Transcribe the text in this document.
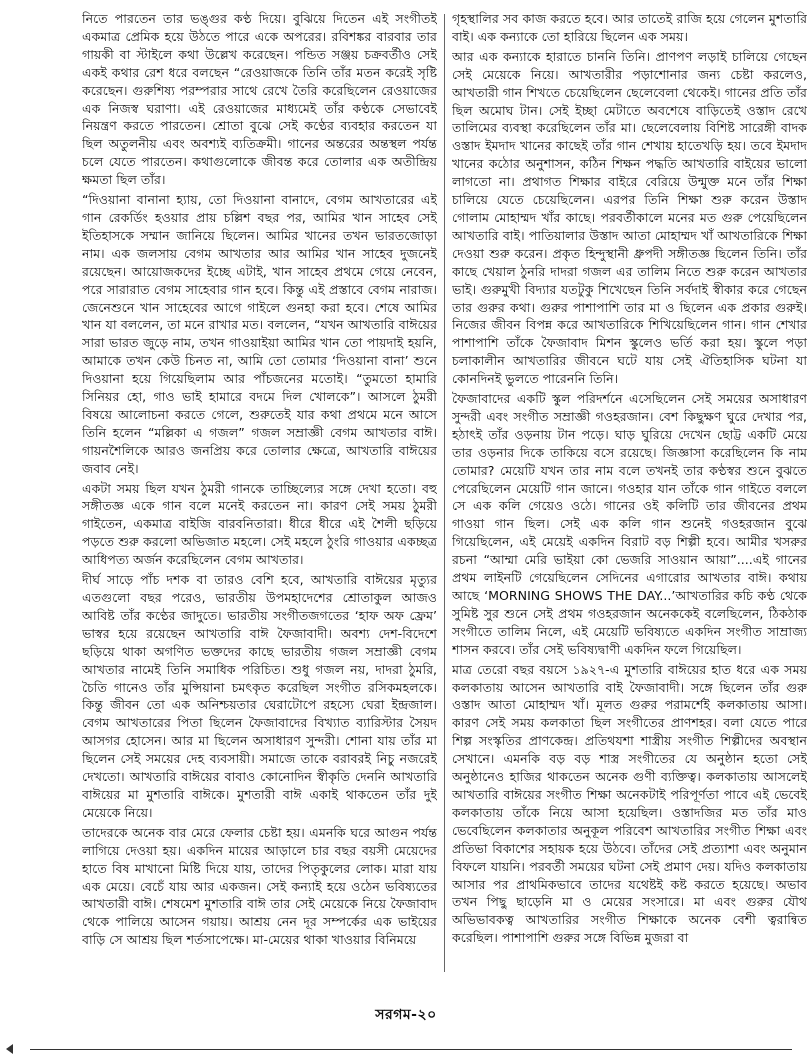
নিতে পারতেন তার ভঙ্গুর কণ্ঠ দিয়ে। বুঝিয়ে দিতেন এই সংগীতই একমাত্র প্রেমিক হয়ে উঠতে পারে একে অপরের। রবিশঙ্কর বারবার তার গায়কী বা স্টাইলে কথা উল্লেখ করেছেন। পন্ডিত সঞ্জয় চক্রবর্তীও সেই একই কথার রেশ ধরে বলছেন “রেওয়াজকে তিনি তাঁর মতন করেই সৃষ্টি করেছেন। গুরুশিষ্য পরম্পরার সাথে রেখে তৈরি করেছিলেন রেওয়াজের এক নিজস্ব ঘরাণা। এই রেওয়াজের মাধ্যমেই তাঁর কণ্ঠকে সেভাবেই নিয়ন্ত্রণ করতে পারতেন। শ্রোতা বুঝে সেই কণ্ঠের ব্যবহার করতেন যা ছিল অতুলনীয় এবং অবশ্যই ব্যতিক্রমী। গানের অন্তরের অন্তস্থল পর্যন্ত চলে যেতে পারতেন। কথাগুলোকে জীবন্ত করে তোলার এক অতীন্দ্রিয় ক্ষমতা ছিল তাঁর।

“দিওয়ানা বানানা হ্যায়, তো দিওয়ানা বানাদে, বেগম আখতারের এই গান রেকর্ডিং হওয়ার প্রায় চল্লিশ বছর পর, আমির খান সাহেব সেই ইতিহাসকে সম্মান জানিয়ে ছিলেন। আমির খানের তখন ভারতজোড়া নাম। এক জলসায় বেগম আখতার আর আমির খান সাহেব দুজনেই রয়েছেন। আয়োজকদের ইচ্ছে এটাই, খান সাহেব প্রথমে গেয়ে নেবেন, পরে সারারাত বেগম সাহেবার গান হবে। কিন্তু এই প্রস্তাবে বেগম নারাজ। জেনেশুনে খান সাহেবের আগে গাইলে গুনহা করা হবে। শেষে আমির খান যা বললেন, তা মনে রাখার মত। বললেন, “যখন আখতারি বাঈয়ের সারা ভারত জুড়ে নাম, তখন গাওয়াইয়া আমির খান তো পায়দাই হয়নি, আমাকে তখন কেউ চিনত না, আমি তো তোমার ‘দিওয়ানা বানা’ শুনে দিওয়ানা হয়ে গিয়েছিলাম আর পাঁচজনের মতোই। “তুমতো হামারি সিনিয়র হো, গাও ভাই হামারে বদমে দিল খোলকে”। আসলে ঠুমরী বিষয়ে আলোচনা করতে গেলে, শুরুতেই যার কথা প্রথমে মনে আসে তিনি হলেন “মল্লিকা এ গজল” গজল সম্রাজ্ঞী বেগম আখতার বাঈ। গায়নশৈলিকে আরও জনপ্রিয় করে তোলার ক্ষেত্রে, আখতারি বাঈয়ের জবাব নেই।

একটা সময় ছিল যখন ঠুমরী গানকে তাচ্ছিল্যের সঙ্গে দেখা হতো। বহু সঙ্গীতজ্ঞ একে গান বলে মনেই করতেন না। কারণ সেই সময় ঠুমরী গাইতেন, একমাত্র বাইজি বারবনিতারা। ধীরে ধীরে এই শৈলী ছড়িয়ে পড়তে শুরু করলো অভিজাত মহলে। সেই মহলে ঠুংরি গাওয়ার একচ্ছত্র আধিপত্য অর্জন করেছিলেন বেগম আখতার।

দীর্ঘ সাড়ে পাঁচ দশক বা তারও বেশি হবে, আখতারি বাঈয়ের মৃত্যুর এতগুলো বছর পরেও, ভারতীয় উপমহাদেশের শ্রোতাকুল আজও আবিষ্ট তাঁর কণ্ঠের জাদুতে। ভারতীয় সংগীতজগতের ‘হাফ অফ ফ্রেম’ ভাস্বর হয়ে রয়েছেন আখতারি বাঈ ফৈজাবাদী। অবশ্য দেশ-বিদেশে ছড়িয়ে থাকা অগণিত ভক্তদের কাছে ভারতীয় গজল সম্রাজ্ঞী বেগম আখতার নামেই তিনি সমাধিক পরিচিত। শুধু গজল নয়, দাদরা ঠুমরি, চৈতি গানেও তাঁর মুন্সিয়ানা চমৎকৃত করেছিল সংগীত রসিকমহলকে। কিন্তু জীবন তো এক অনিশ্চয়তার ঘেরাটোপে রহস্যে ঘেরা ইন্দ্রজাল। বেগম আখতারের পিতা ছিলেন ফৈজাবাদের বিখ্যাত ব্যারিস্টার সৈয়দ আসগর হোসেন। আর মা ছিলেন অসাধারণ সুন্দরী। শোনা যায় তাঁর মা ছিলেন সেই সময়ের দেহ ব্যবসায়ী। সমাজে তাকে বরাবরই নিচু নজরেই দেখতো। আখতারি বাঈয়ের বাবাও কোনোদিন স্বীকৃতি দেননি আখতারি বাঈয়ের মা মুশতারি বাঈকে। মুশতারী বাঈ একাই থাকতেন তাঁর দুই মেয়েকে নিয়ে।

তাদেরকে অনেক বার মেরে ফেলার চেষ্টা হয়। এমনকি ঘরে আগুন পর্যন্ত লাগিয়ে দেওয়া হয়। একদিন মায়ের আড়ালে চার বছর বয়সী মেয়েদের হাতে বিষ মাখানো মিষ্টি দিয়ে যায়, তাদের পিতৃকুলের লোক। মারা যায় এক মেয়ে। বেচেঁ যায় আর একজন। সেই কন্যাই হয়ে ওঠেন ভবিষ্যতের আখতারী বাঈ। শেষমেশ মুশতারি বাঈ তার সেই মেয়েকে নিয়ে ফৈজাবাদ থেকে পালিয়ে আসেন গয়ায়। আশ্রয় নেন দূর সম্পর্কের এক ভাইয়ের বাড়ি সে আশ্রয় ছিল শর্তসাপেক্ষে। মা-মেয়ের থাকা খাওয়ার বিনিময়ে

গৃহস্থালির সব কাজ করতে হবে। আর তাতেই রাজি হয়ে গেলেন মুশতারি বাই। এক কন্যাকে তো হারিয়ে ছিলেন এক সময়।

আর এক কন্যাকে হারাতে চাননি তিনি। প্রাণপণ লড়াই চালিয়ে গেছেন সেই মেয়েকে নিয়ে। আখতারীর পড়াশোনার জন্য চেষ্টা করলেও, আখতারী গান শিখতে চেয়েছিলেন ছেলেবেলা থেকেই। গানের প্রতি তাঁর ছিল অমোঘ টান। সেই ইচ্ছা মেটাতে অবশেষে বাড়িতেই ওস্তাদ রেখে তালিমের ব্যবস্থা করেছিলেন তাঁর মা। ছেলেবেলায় বিশিষ্ট সারেঙ্গী বাদক ওস্তাদ ইমদাদ খানের কাছেই তাঁর গান শেখায় হাতেখড়ি হয়। তবে ইমদাদ খানের কঠোর অনুশাসন, কঠিন শিক্ষন পদ্ধতি আখতারি বাইয়ের ভালো লাগতো না। প্রথাগত শিক্ষার বাইরে বেরিয়ে উন্মুক্ত মনে তাঁর শিক্ষা চালিয়ে যেতে চেয়েছিলেন। এরপর তিনি শিক্ষা শুরু করেন উস্তাদ গোলাম মোহাম্মদ খাঁর কাছে। পরবর্তীকালে মনের মত গুরু পেয়েছিলেন আখতারি বাই। পাতিয়ালার উস্তাদ আতা মোহাম্মদ খাঁ আখতারিকে শিক্ষা দেওয়া শুরু করেন। প্রকৃত হিন্দুস্থানী ধ্রুপদী সঙ্গীতজ্ঞ ছিলেন তিনি। তাঁর কাছে খেয়াল ঠুনরি দাদরা গজল এর তালিম নিতে শুরু করেন আখতার ভাই। গুরুমুখী বিদ্যার যতটুকু শিখেছেন তিনি সর্বদাই স্বীকার করে গেছেন তার গুরুর কথা। গুরুর পাশাপাশি তার মা ও ছিলেন এক প্রকার গুরুই। নিজের জীবন বিপন্ন করে আখতারিকে শিখিয়েছিলেন গান। গান শেখার পাশাপাশি তাঁকে ফৈজাবাদ মিশন স্কুলেও ভর্তি করা হয়। স্কুলে পড়া চলাকালীন আখতারির জীবনে ঘটে যায় সেই ঐতিহাসিক ঘটনা যা কোনদিনই ভুলতে পারেননি তিনি।

ফৈজাবাদের একটি স্কুল পরিদর্শনে এসেছিলেন সেই সময়ের অসাধারণ সুন্দরী এবং সংগীত সম্রাজ্ঞী গওহরজান। বেশ কিছুক্ষণ ঘুরে দেখার পর, হঠাৎই তাঁর ওড়নায় টান পড়ে। ঘাড় ঘুরিয়ে দেখেন ছোট্ট একটি মেয়ে তার ওড়নার দিকে তাকিয়ে বসে রয়েছে। জিজ্ঞাসা করেছিলেন কি নাম তোমার? মেয়েটি যখন তার নাম বলে তখনই তার কণ্ঠস্বর শুনে বুঝতে পেরেছিলেন মেয়েটি গান জানে। গওহার যান তাঁকে গান গাইতে বললে সে এক কলি গেয়েও ওঠে। গানের ওই কলিটি তার জীবনের প্রথম গাওয়া গান ছিল। সেই এক কলি গান শুনেই গওহরজান বুঝে গিয়েছিলেন, এই মেয়েই একদিন বিরাট বড় শিল্পী হবে। আমীর খসরুর রচনা “আম্মা মেরি ভাইয়া কো ভেজরি সাওয়ান আয়া”....এই গানের প্রথম লাইনটি গেয়েছিলেন সেদিনের এগারোর আখতার বাঈ। কথায় আছে ‘MORNING SHOWS THE DAY...’আখতারির কচি কণ্ঠ থেকে সুমিষ্ট সুর শুনে সেই প্রথম গওহরজান অনেককেই বলেছিলেন, ঠিকঠাক সংগীতে তালিম নিলে, এই মেয়েটি ভবিষ্যতে একদিন সংগীত সাম্রাজ্য শাসন করবে। তাঁর সেই ভবিষ্যদ্বাণী একদিন ফলে গিয়েছিল।

মাত্র তেরো বছর বয়সে ১৯২৭-এ মুশতারি বাঈয়ের হাত ধরে এক সময় কলকাতায় আসেন আখতারি বাই ফৈজাবাদী। সঙ্গে ছিলেন তাঁর গুরু ওস্তাদ আতা মোহাম্মদ খাঁ। মূলত গুরুর পরামর্শেই কলকাতায় আসা। কারণ সেই সময় কলকাতা ছিল সংগীতের প্রাণশহর। বলা যেতে পারে শিল্প সংস্কৃতির প্রাণকেন্দ্র। প্রতিথযশা শাস্ত্রীয় সংগীত শিল্পীদের অবস্থান সেখানে। এমনকি বড় বড় শাস্ত্র সংগীতের যে অনুষ্ঠান হতো সেই অনুষ্ঠানেও হাজির থাকতেন অনেক গুণী ব্যক্তিত্ব। কলকাতায় আসলেই আখতারি বাঈয়ের সংগীত শিক্ষা অনেকটাই পরিপূর্ণতা পাবে এই ভেবেই কলকাতায় তাঁকে নিয়ে আসা হয়েছিল। ওস্তাদজির মত তাঁর মাও ভেবেছিলেন কলকাতার অনুকূল পরিবেশ আখতারির সংগীত শিক্ষা এবং প্রতিভা বিকাশের সহায়ক হয়ে উঠবে। তাঁদের সেই প্রত্যাশা এবং অনুমান বিফলে যায়নি। পরবর্তী সময়ের ঘটনা সেই প্রমাণ দেয়। যদিও কলকাতায় আসার পর প্রাথমিকভাবে তাদের যথেষ্টই কষ্ট করতে হয়েছে। অভাব তখন পিছু ছাড়েনি মা ও মেয়ের সংসারে। মা এবং গুরুর যৌথ অভিভাবকত্ব আখতারির সংগীত শিক্ষাকে অনেক বেশী ত্বরান্বিত করেছিল। পাশাপাশি গুরুর সঙ্গে বিভিন্ন মুজরা বা

সরগম-২০
